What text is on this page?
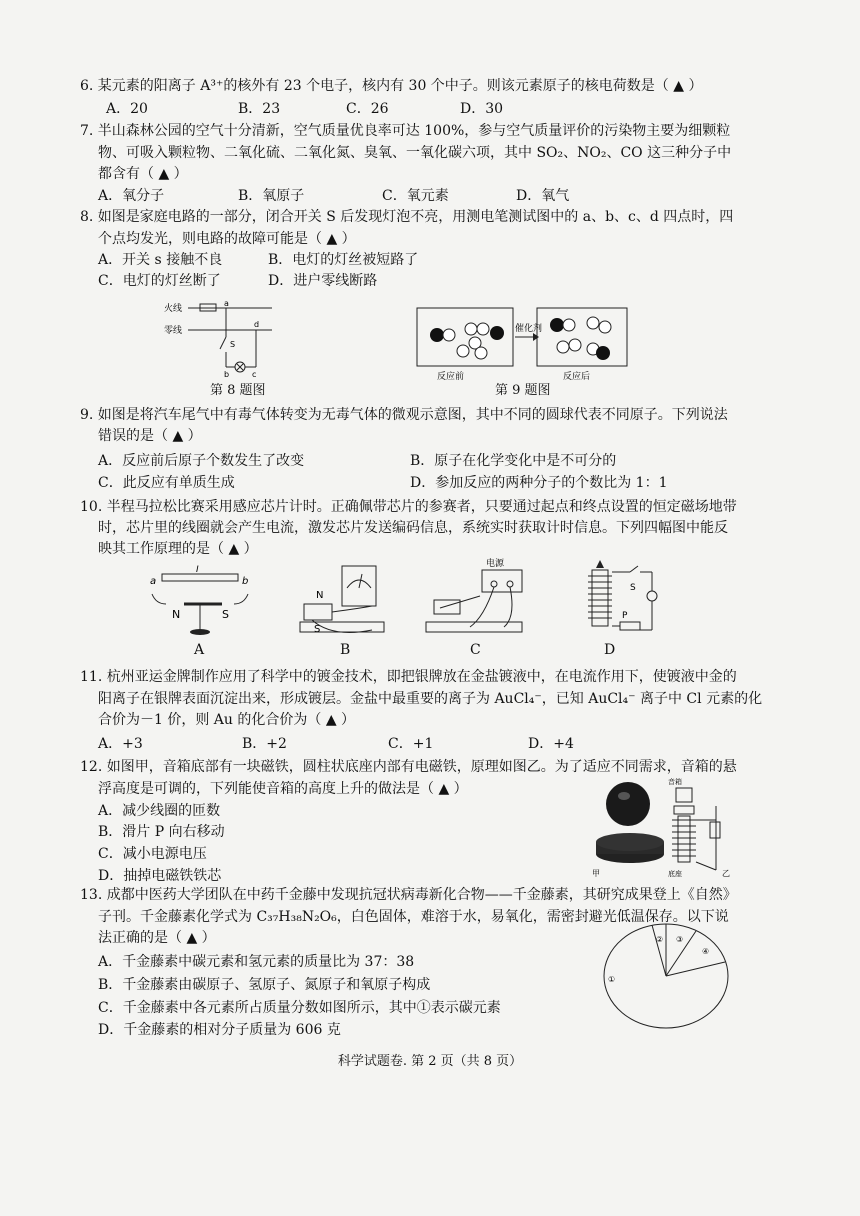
6. 某元素的阳离子 A³⁺的核外有 23 个电子，核内有 30 个中子。则该元素原子的核电荷数是（ ▲ ）
A．20	B．23	C．26	D．30
7. 半山森林公园的空气十分清新，空气质量优良率可达 100%，参与空气质量评价的污染物主要为细颗粒
物、可吸入颗粒物、二氧化硫、二氧化氮、臭氧、一氧化碳六项，其中 SO₂、NO₂、CO 这三种分子中
都含有（ ▲ ）
A．氧分子	B．氧原子	C．氧元素	D．氧气
8. 如图是家庭电路的一部分，闭合开关 S 后发现灯泡不亮，用测电笔测试图中的 a、b、c、d 四点时，四
个点均发光，则电路的故障可能是（ ▲ ）
A．开关 s 接触不良	B．电灯的灯丝被短路了
C．电灯的灯丝断了	D．进户零线断路
火线
零线
a
d
S
b	c
第 8 题图
催化剂
反应前	反应后
第 9 题图
9. 如图是将汽车尾气中有毒气体转变为无毒气体的微观示意图，其中不同的圆球代表不同原子。下列说法
错误的是（ ▲ ）
A．反应前后原子个数发生了改变	B．原子在化学变化中是不可分的
C．此反应有单质生成	D．参加反应的两种分子的个数比为 1：1
10. 半程马拉松比赛采用感应芯片计时。正确佩带芯片的参赛者，只要通过起点和终点设置的恒定磁场地带
时，芯片里的线圈就会产生电流，激发芯片发送编码信息，系统实时获取计时信息。下列四幅图中能反
映其工作原理的是（ ▲ ）
a
I
b
N	S
A
N
S
B
电源
C
S
P
D
11. 杭州亚运金牌制作应用了科学中的镀金技术，即把银牌放在金盐镀液中，在电流作用下，使镀液中金的
阳离子在银牌表面沉淀出来，形成镀层。金盐中最重要的离子为 AuCl₄⁻，已知 AuCl₄⁻ 离子中 Cl 元素的化
合价为－1 价，则 Au 的化合价为（ ▲ ）
A．+3	B．+2	C．+1	D．+4
12. 如图甲，音箱底部有一块磁铁，圆柱状底座内部有电磁铁，原理如图乙。为了适应不同需求，音箱的悬
浮高度是可调的，下列能使音箱的高度上升的做法是（ ▲ ）
A．减少线圈的匝数
B．滑片 P 向右移动
C．减小电源电压
D．抽掉电磁铁铁芯	甲
音箱
底座	乙
13. 成都中医药大学团队在中药千金藤中发现抗冠状病毒新化合物——千金藤素，其研究成果登上《自然》
子刊。千金藤素化学式为 C₃₇H₃₈N₂O₆，白色固体，难溶于水，易氧化，需密封避光低温保存。以下说
法正确的是（ ▲ ）
A．千金藤素中碳元素和氢元素的质量比为 37：38
B．千金藤素由碳原子、氢原子、氮原子和氧原子构成
C．千金藤素中各元素所占质量分数如图所示，其中①表示碳元素
D．千金藤素的相对分子质量为 606 克
①
② ③
④
科学试题卷. 第 2 页（共 8 页）
